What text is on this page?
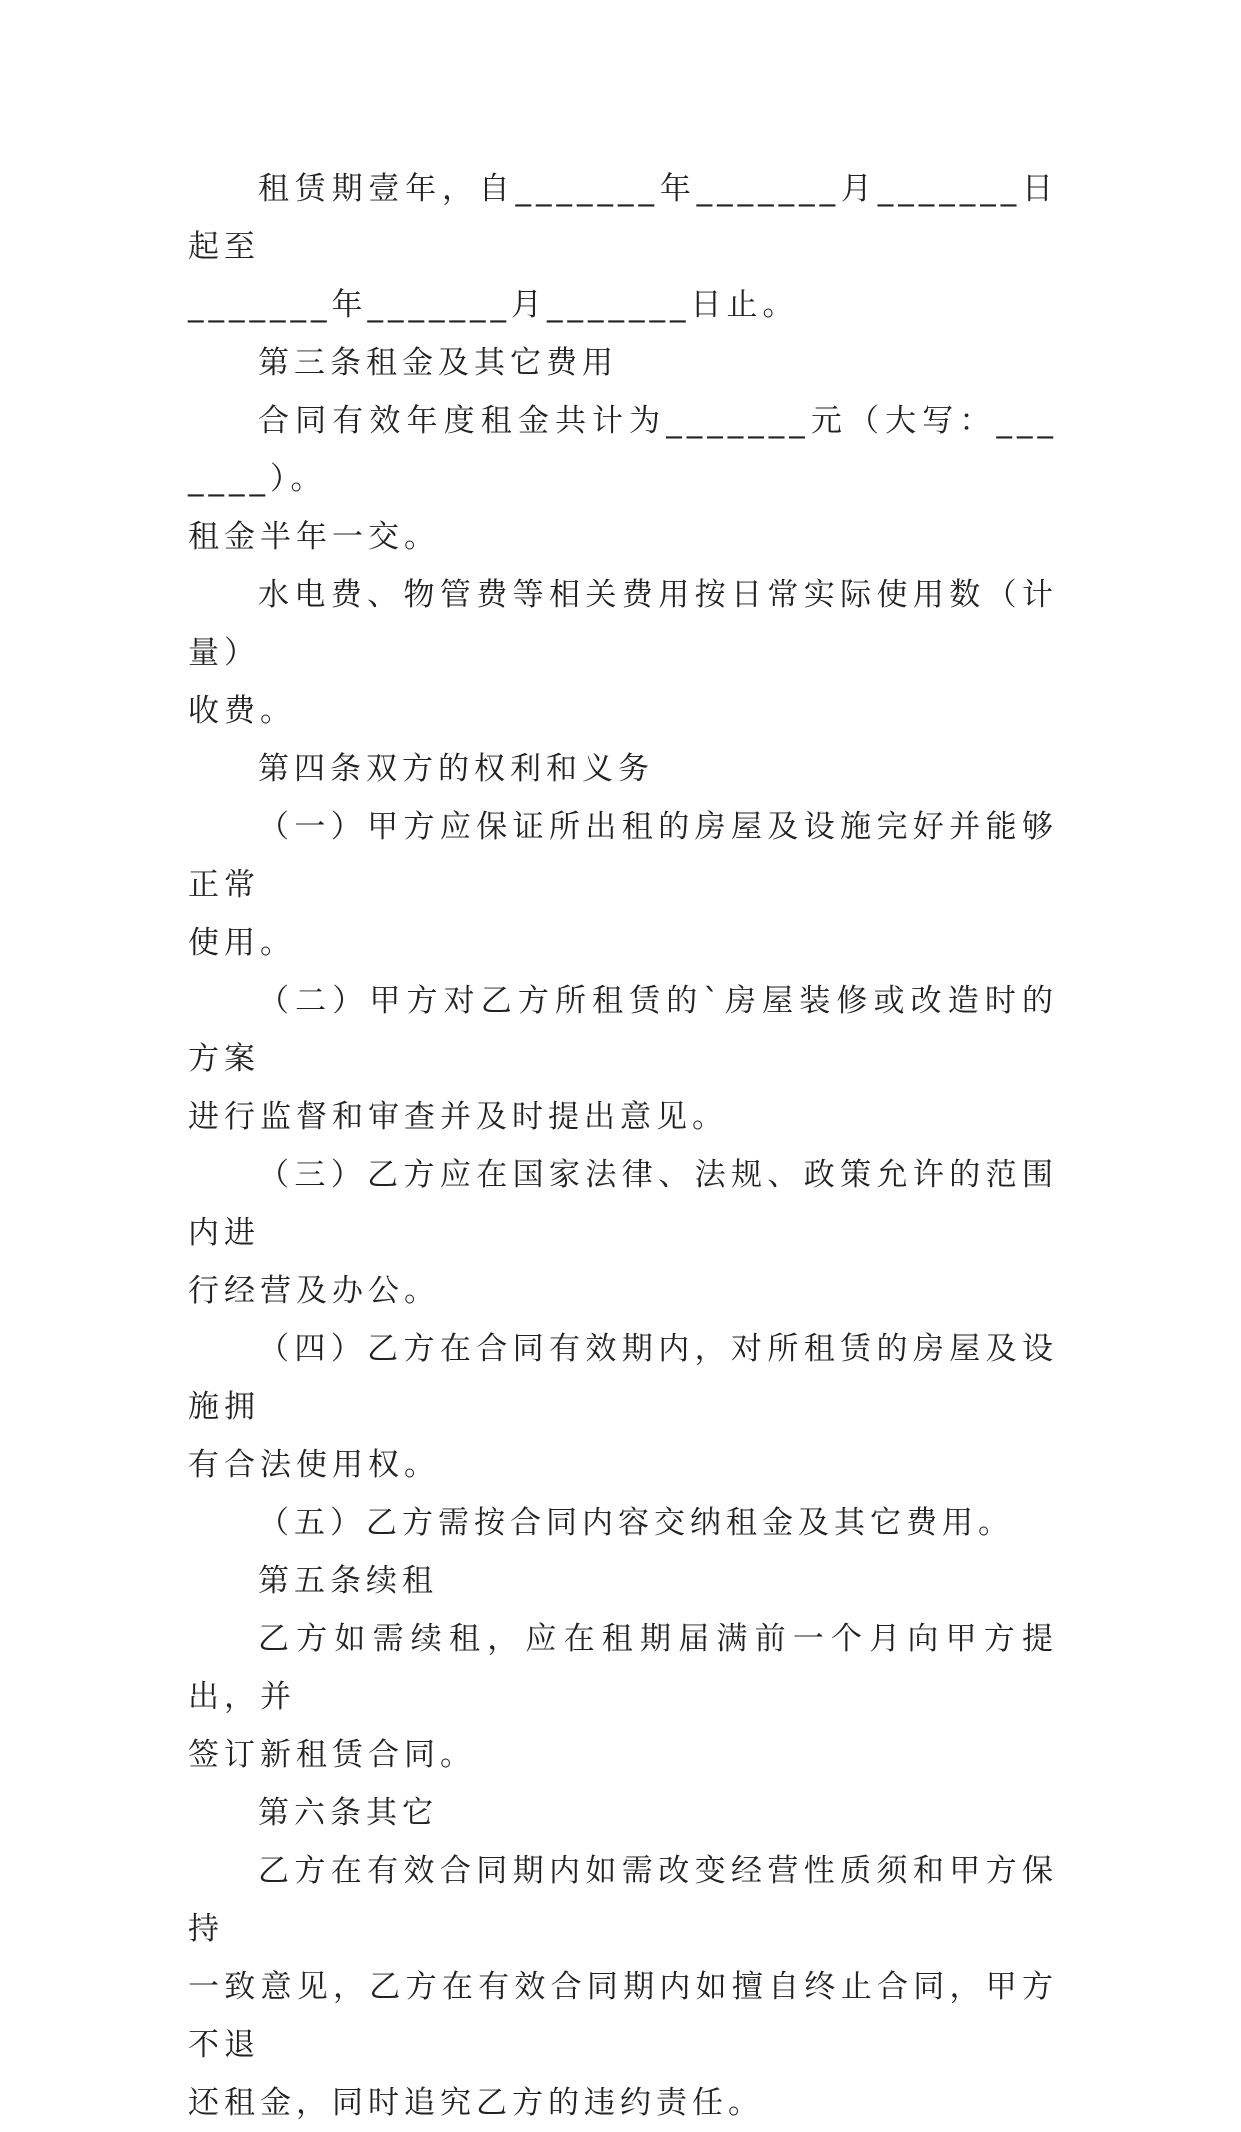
租赁期壹年，自_______年_______月_______日起至
_______年_______月_______日止。

第三条租金及其它费用

合同有效年度租金共计为_______元（大写：_______）。
租金半年一交。

水电费、物管费等相关费用按日常实际使用数（计量）
收费。

第四条双方的权利和义务

（一）甲方应保证所出租的房屋及设施完好并能够正常
使用。

（二）甲方对乙方所租赁的`房屋装修或改造时的方案
进行监督和审查并及时提出意见。

（三）乙方应在国家法律、法规、政策允许的范围内进
行经营及办公。

（四）乙方在合同有效期内，对所租赁的房屋及设施拥
有合法使用权。

（五）乙方需按合同内容交纳租金及其它费用。

第五条续租

乙方如需续租，应在租期届满前一个月向甲方提出，并
签订新租赁合同。

第六条其它

乙方在有效合同期内如需改变经营性质须和甲方保持
一致意见，乙方在有效合同期内如擅自终止合同，甲方不退
还租金，同时追究乙方的违约责任。
